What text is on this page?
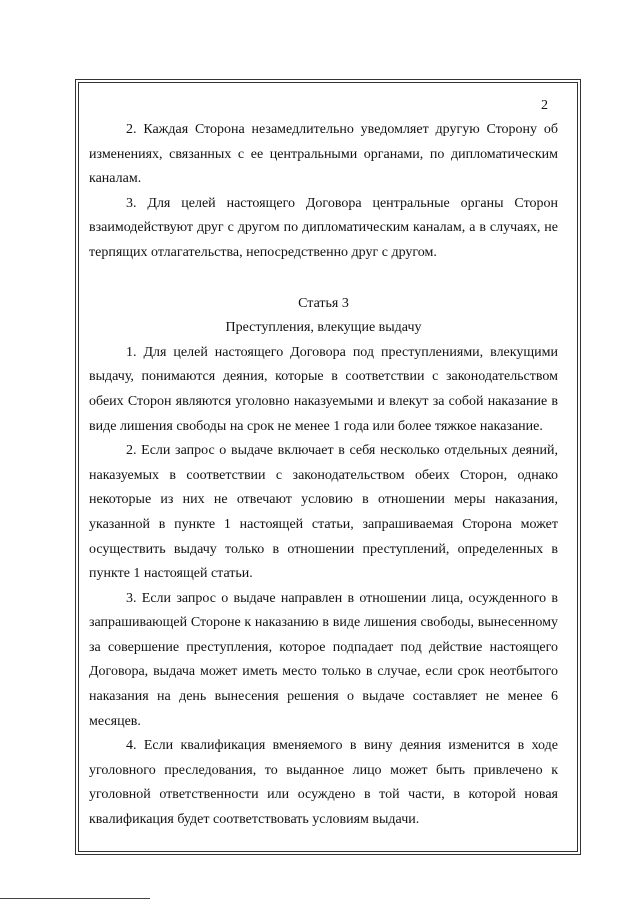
2

2. Каждая Сторона незамедлительно уведомляет другую Сторону об изменениях, связанных с ее центральными органами, по дипломатическим каналам.

3. Для целей настоящего Договора центральные органы Сторон взаимодействуют друг с другом по дипломатическим каналам, а в случаях, не терпящих отлагательства, непосредственно друг с другом.

Статья 3

Преступления, влекущие выдачу

1. Для целей настоящего Договора под преступлениями, влекущими выдачу, понимаются деяния, которые в соответствии с законодательством обеих Сторон являются уголовно наказуемыми и влекут за собой наказание в виде лишения свободы на срок не менее 1 года или более тяжкое наказание.

2. Если запрос о выдаче включает в себя несколько отдельных деяний, наказуемых в соответствии с законодательством обеих Сторон, однако некоторые из них не отвечают условию в отношении меры наказания, указанной в пункте 1 настоящей статьи, запрашиваемая Сторона может осуществить выдачу только в отношении преступлений, определенных в пункте 1 настоящей статьи.

3. Если запрос о выдаче направлен в отношении лица, осужденного в запрашивающей Стороне к наказанию в виде лишения свободы, вынесенному за совершение преступления, которое подпадает под действие настоящего Договора, выдача может иметь место только в случае, если срок неотбытого наказания на день вынесения решения о выдаче составляет не менее 6 месяцев.

4. Если квалификация вменяемого в вину деяния изменится в ходе уголовного преследования, то выданное лицо может быть привлечено к уголовной ответственности или осуждено в той части, в которой новая квалификация будет соответствовать условиям выдачи.
